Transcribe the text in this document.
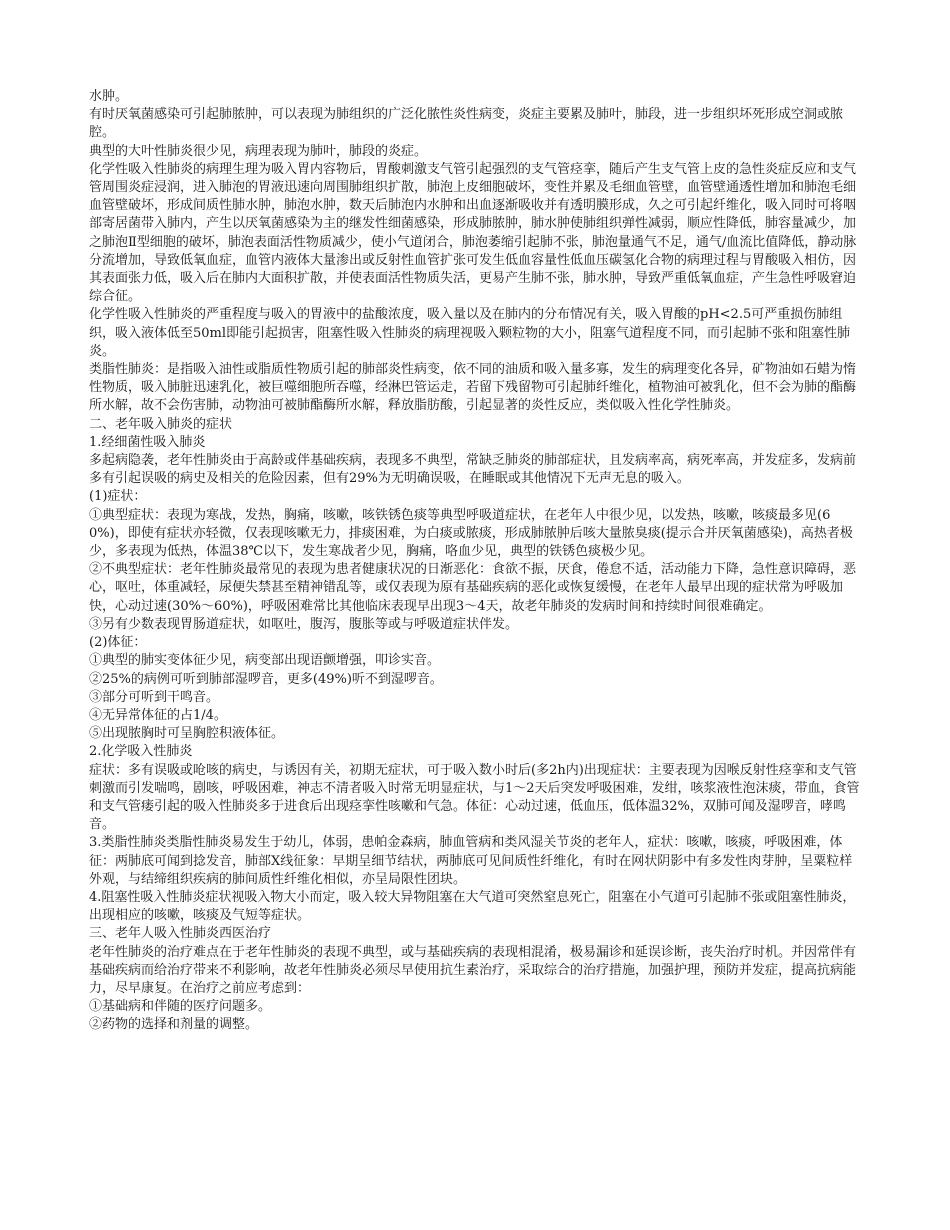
水肿。

有时厌氧菌感染可引起肺脓肿，可以表现为肺组织的广泛化脓性炎性病变，炎症主要累及肺叶，肺段，进一步组织坏死形成空洞或脓腔。

典型的大叶性肺炎很少见，病理表现为肺叶，肺段的炎症。

化学性吸入性肺炎的病理生理为吸入胃内容物后，胃酸刺激支气管引起强烈的支气管痉挛，随后产生支气管上皮的急性炎症反应和支气管周围炎症浸润，进入肺泡的胃液迅速向周围肺组织扩散，肺泡上皮细胞破坏，变性并累及毛细血管壁，血管壁通透性增加和肺泡毛细血管壁破坏，形成间质性肺水肿，肺泡水肿，数天后肺泡内水肿和出血逐渐吸收并有透明膜形成，久之可引起纤维化，吸入同时可将咽部寄居菌带入肺内，产生以厌氧菌感染为主的继发性细菌感染，形成肺脓肿，肺水肿使肺组织弹性减弱，顺应性降低，肺容量减少，加之肺泡Ⅱ型细胞的破坏，肺泡表面活性物质减少，使小气道闭合，肺泡萎缩引起肺不张，肺泡量通气不足，通气/血流比值降低，静动脉分流增加，导致低氧血症，血管内液体大量渗出或反射性血管扩张可发生低血容量性低血压碳氢化合物的病理过程与胃酸吸入相仿，因其表面张力低，吸入后在肺内大面积扩散，并使表面活性物质失活，更易产生肺不张，肺水肿，导致严重低氧血症，产生急性呼吸窘迫综合征。

化学性吸入性肺炎的严重程度与吸入的胃液中的盐酸浓度，吸入量以及在肺内的分布情况有关，吸入胃酸的pH<2.5可严重损伤肺组织，吸入液体低至50ml即能引起损害，阻塞性吸入性肺炎的病理视吸入颗粒物的大小，阻塞气道程度不同，而引起肺不张和阻塞性肺炎。

类脂性肺炎：是指吸入油性或脂质性物质引起的肺部炎性病变，依不同的油质和吸入量多寡，发生的病理变化各异，矿物油如石蜡为惰性物质，吸入肺脏迅速乳化，被巨噬细胞所吞噬，经淋巴管运走，若留下残留物可引起肺纤维化，植物油可被乳化，但不会为肺的酯酶所水解，故不会伤害肺，动物油可被肺酯酶所水解，释放脂肪酸，引起显著的炎性反应，类似吸入性化学性肺炎。

二、老年吸入肺炎的症状

1.经细菌性吸入肺炎

多起病隐袭，老年性肺炎由于高龄或伴基础疾病，表现多不典型，常缺乏肺炎的肺部症状，且发病率高，病死率高，并发症多，发病前多有引起误吸的病史及相关的危险因素，但有29%为无明确误吸，在睡眠或其他情况下无声无息的吸入。

(1)症状：

①典型症状：表现为寒战，发热，胸痛，咳嗽，咳铁锈色痰等典型呼吸道症状，在老年人中很少见，以发热，咳嗽，咳痰最多见(60%)，即使有症状亦轻微，仅表现咳嗽无力，排痰困难，为白痰或脓痰，形成肺脓肿后咳大量脓臭痰(提示合并厌氧菌感染)，高热者极少，多表现为低热，体温38℃以下，发生寒战者少见，胸痛，咯血少见，典型的铁锈色痰极少见。

②不典型症状：老年性肺炎最常见的表现为患者健康状况的日渐恶化：食欲不振，厌食，倦怠不适，活动能力下降，急性意识障碍，恶心，呕吐，体重减轻，尿便失禁甚至精神错乱等，或仅表现为原有基础疾病的恶化或恢复缓慢，在老年人最早出现的症状常为呼吸加快，心动过速(30%～60%)，呼吸困难常比其他临床表现早出现3～4天，故老年肺炎的发病时间和持续时间很难确定。

③另有少数表现胃肠道症状，如呕吐，腹泻，腹胀等或与呼吸道症状伴发。

(2)体征：

①典型的肺实变体征少见，病变部出现语颤增强，叩诊实音。

②25%的病例可听到肺部湿啰音，更多(49%)听不到湿啰音。

③部分可听到干鸣音。

④无异常体征的占1/4。

⑤出现脓胸时可呈胸腔积液体征。

2.化学吸入性肺炎

症状：多有误吸或呛咳的病史，与诱因有关，初期无症状，可于吸入数小时后(多2h内)出现症状：主要表现为因喉反射性痉挛和支气管刺激而引发喘鸣，剧咳，呼吸困难，神志不清者吸入时常无明显症状，与1～2天后突发呼吸困难，发绀，咳浆液性泡沫痰，带血，食管和支气管瘘引起的吸入性肺炎多于进食后出现痉挛性咳嗽和气急。体征：心动过速，低血压，低体温32%，双肺可闻及湿啰音，哮鸣音。

3.类脂性肺炎类脂性肺炎易发生于幼儿，体弱，患帕金森病，肺血管病和类风湿关节炎的老年人，症状：咳嗽，咳痰，呼吸困难，体征：两肺底可闻到捻发音，肺部X线征象：早期呈细节结状，两肺底可见间质性纤维化，有时在网状阴影中有多发性肉芽肿，呈粟粒样外观，与结缔组织疾病的肺间质性纤维化相似，亦呈局限性团块。

4.阻塞性吸入性肺炎症状视吸入物大小而定，吸入较大异物阻塞在大气道可突然窒息死亡，阻塞在小气道可引起肺不张或阻塞性肺炎，出现相应的咳嗽，咳痰及气短等症状。

三、老年人吸入性肺炎西医治疗

老年性肺炎的治疗难点在于老年性肺炎的表现不典型，或与基础疾病的表现相混淆，极易漏诊和延误诊断，丧失治疗时机。并因常伴有基础疾病而给治疗带来不利影响，故老年性肺炎必须尽早使用抗生素治疗，采取综合的治疗措施，加强护理，预防并发症，提高抗病能力，尽早康复。在治疗之前应考虑到：

①基础病和伴随的医疗问题多。

②药物的选择和剂量的调整。
